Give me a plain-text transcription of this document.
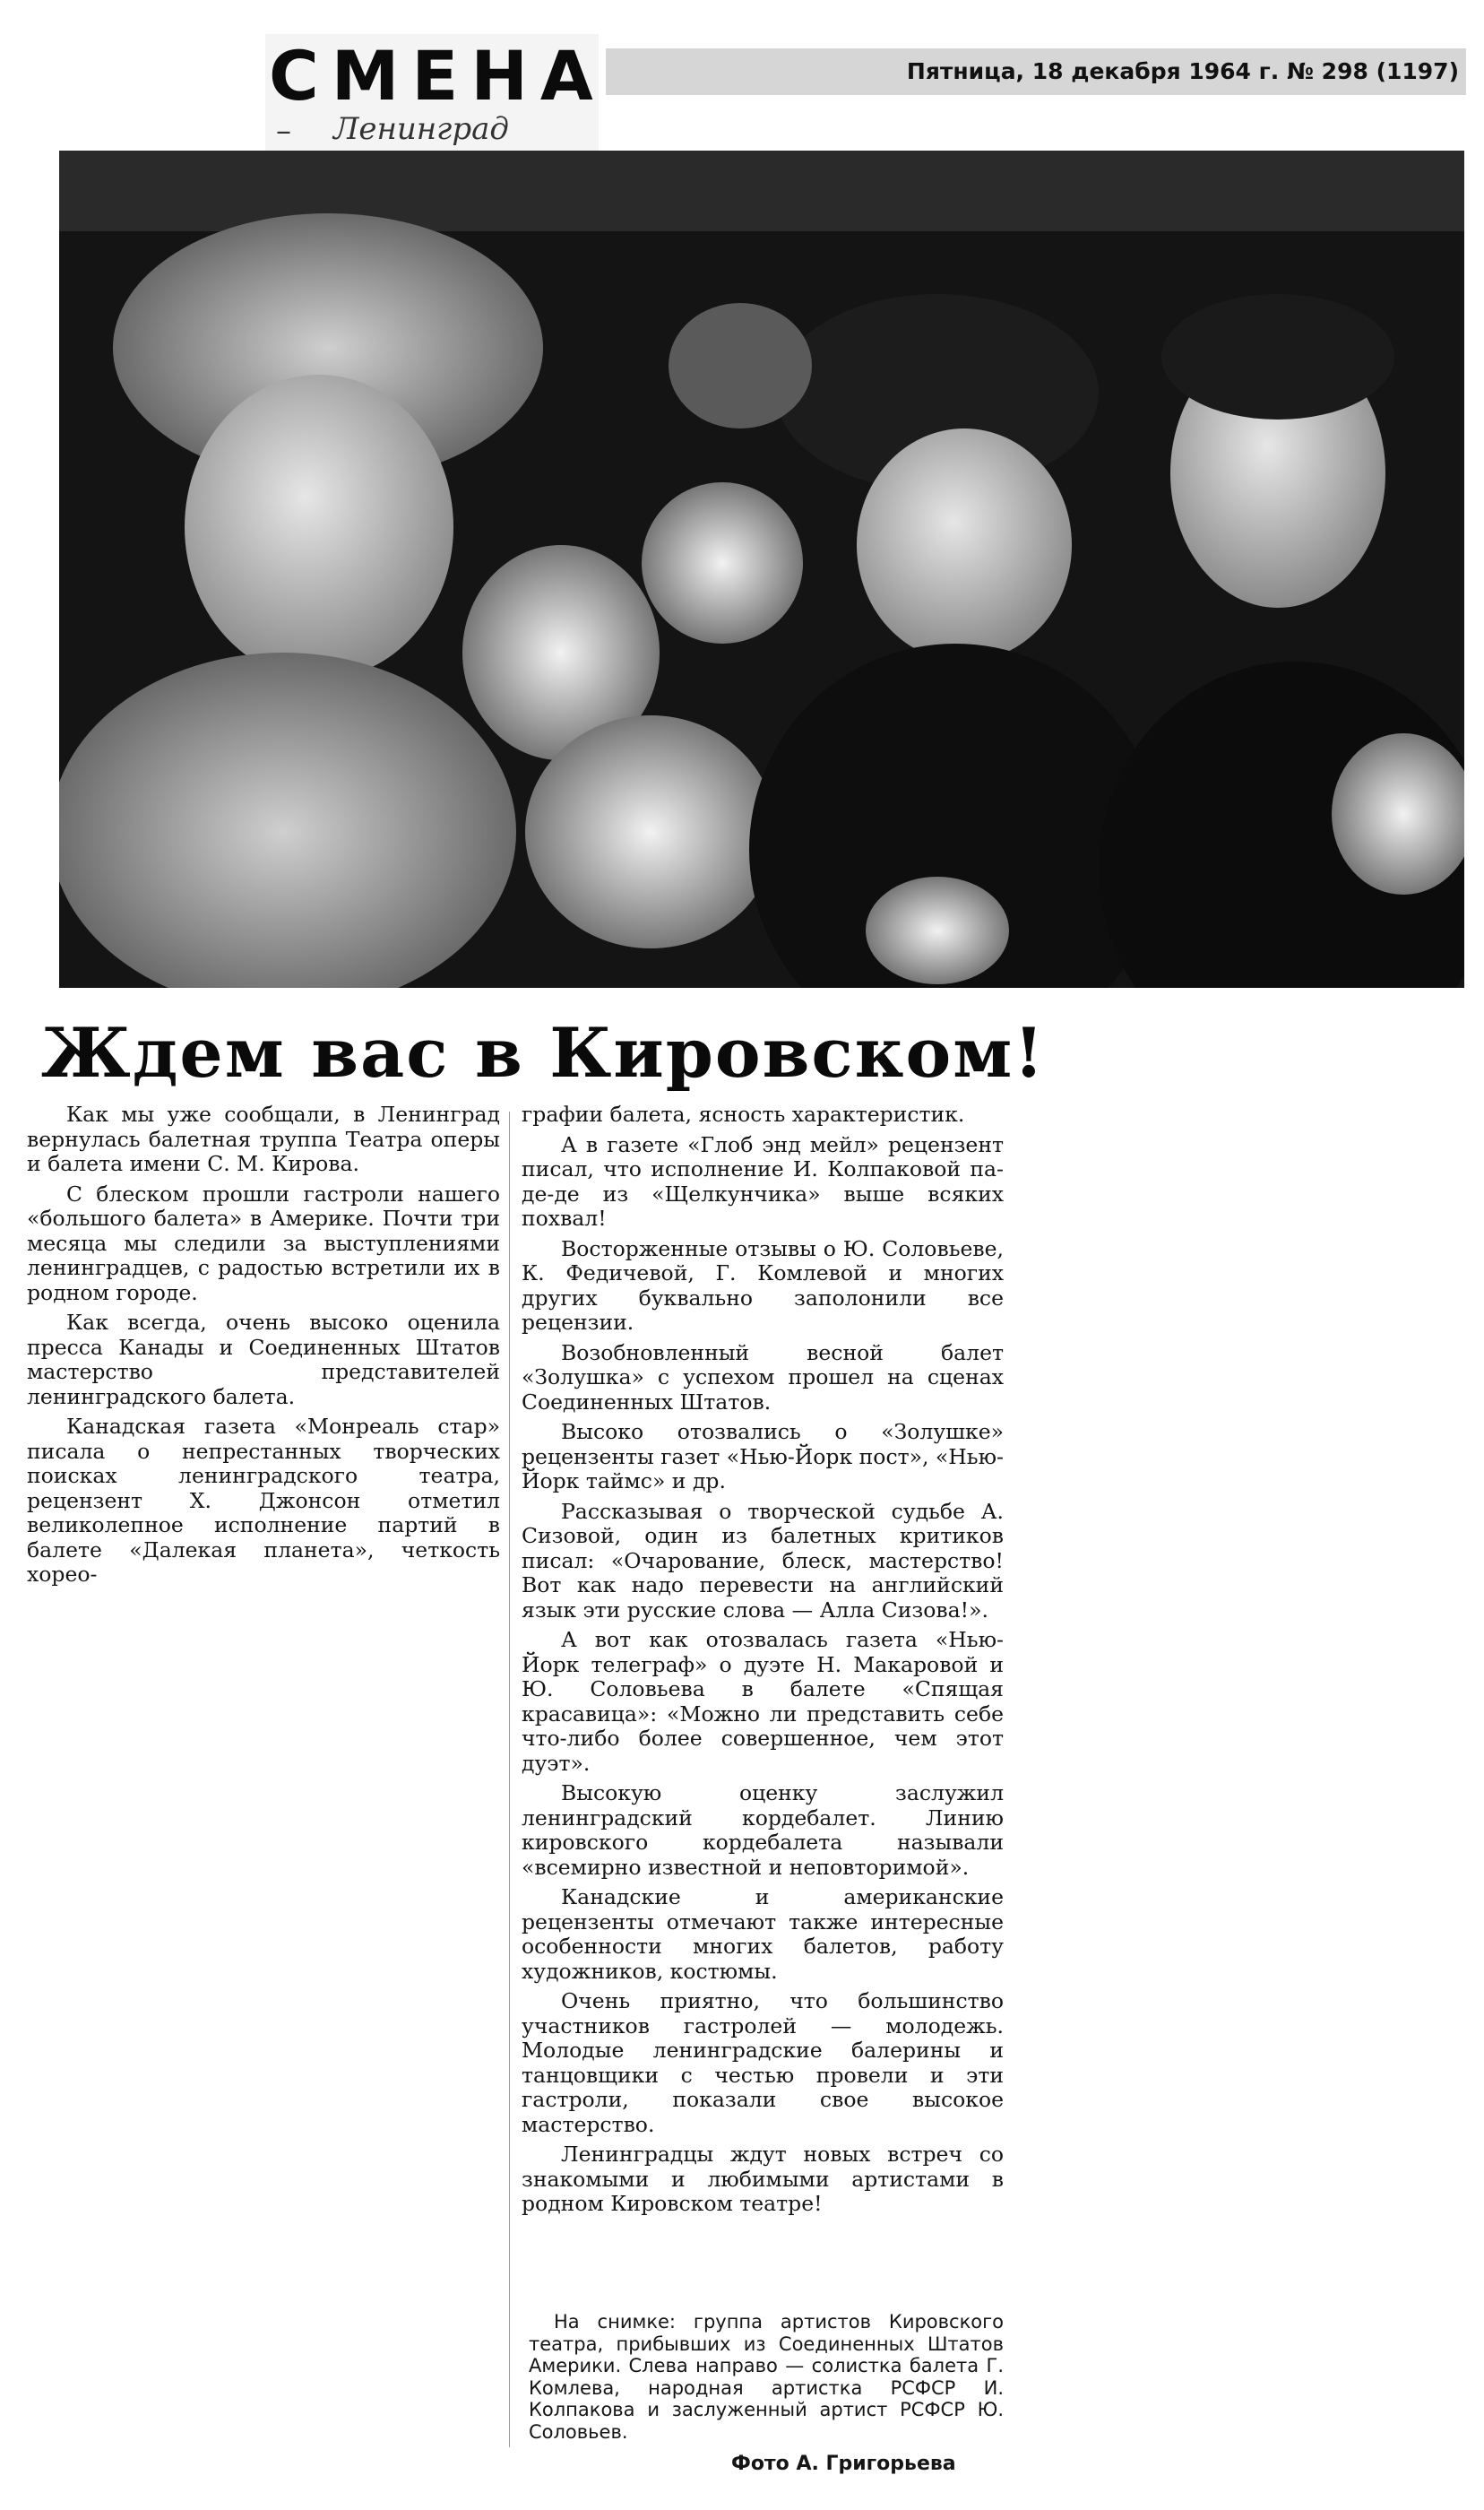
СМЕНА
– Ленинград
Пятница, 18 декабря 1964 г. № 298 (1197)
Ждем вас в Кировском!

Как мы уже сообщали, в Ленинград вернулась балетная труппа Театра оперы и балета имени С. М. Кирова.

С блеском прошли гастроли нашего «большого балета» в Америке. Почти три месяца мы следили за выступлениями ленинградцев, с радостью встретили их в родном городе.

Как всегда, очень высоко оценила пресса Канады и Соединенных Штатов мастерство представителей ленинградского балета.

Канадская газета «Монреаль стар» писала о непрестанных творческих поисках ленинградского театра, рецензент Х. Джонсон отметил великолепное исполнение партий в балете «Далекая планета», четкость хорео-

графии балета, ясность характеристик.

А в газете «Глоб энд мейл» рецензент писал, что исполнение И. Колпаковой па-де-де из «Щелкунчика» выше всяких похвал!

Восторженные отзывы о Ю. Соловьеве, К. Федичевой, Г. Комлевой и многих других буквально заполонили все рецензии.

Возобновленный весной балет «Золушка» с успехом прошел на сценах Соединенных Штатов.

Высоко отозвались о «Золушке» рецензенты газет «Нью-Йорк пост», «Нью-Йорк таймс» и др.

Рассказывая о творческой судьбе А. Сизовой, один из балетных критиков писал: «Очарование, блеск, мастерство! Вот как надо перевести на английский язык эти русские слова — Алла Сизова!».

А вот как отозвалась газета «Нью-Йорк телеграф» о дуэте Н. Макаровой и Ю. Соловьева в балете «Спящая красавица»: «Можно ли представить себе что-либо более совершенное, чем этот дуэт».

Высокую оценку заслужил ленинградский кордебалет. Линию кировского кордебалета называли «всемирно известной и неповторимой».

Канадские и американские рецензенты отмечают также интересные особенности многих балетов, работу художников, костюмы.

Очень приятно, что большинство участников гастролей — молодежь. Молодые ленинградские балерины и танцовщики с честью провели и эти гастроли, показали свое высокое мастерство.

Ленинградцы ждут новых встреч со знакомыми и любимыми артистами в родном Кировском театре!

На снимке: группа артистов Кировского театра, прибывших из Соединенных Штатов Америки. Слева направо — солистка балета Г. Комлева, народная артистка РСФСР И. Колпакова и заслуженный артист РСФСР Ю. Соловьев.
Фото А. Григорьева
